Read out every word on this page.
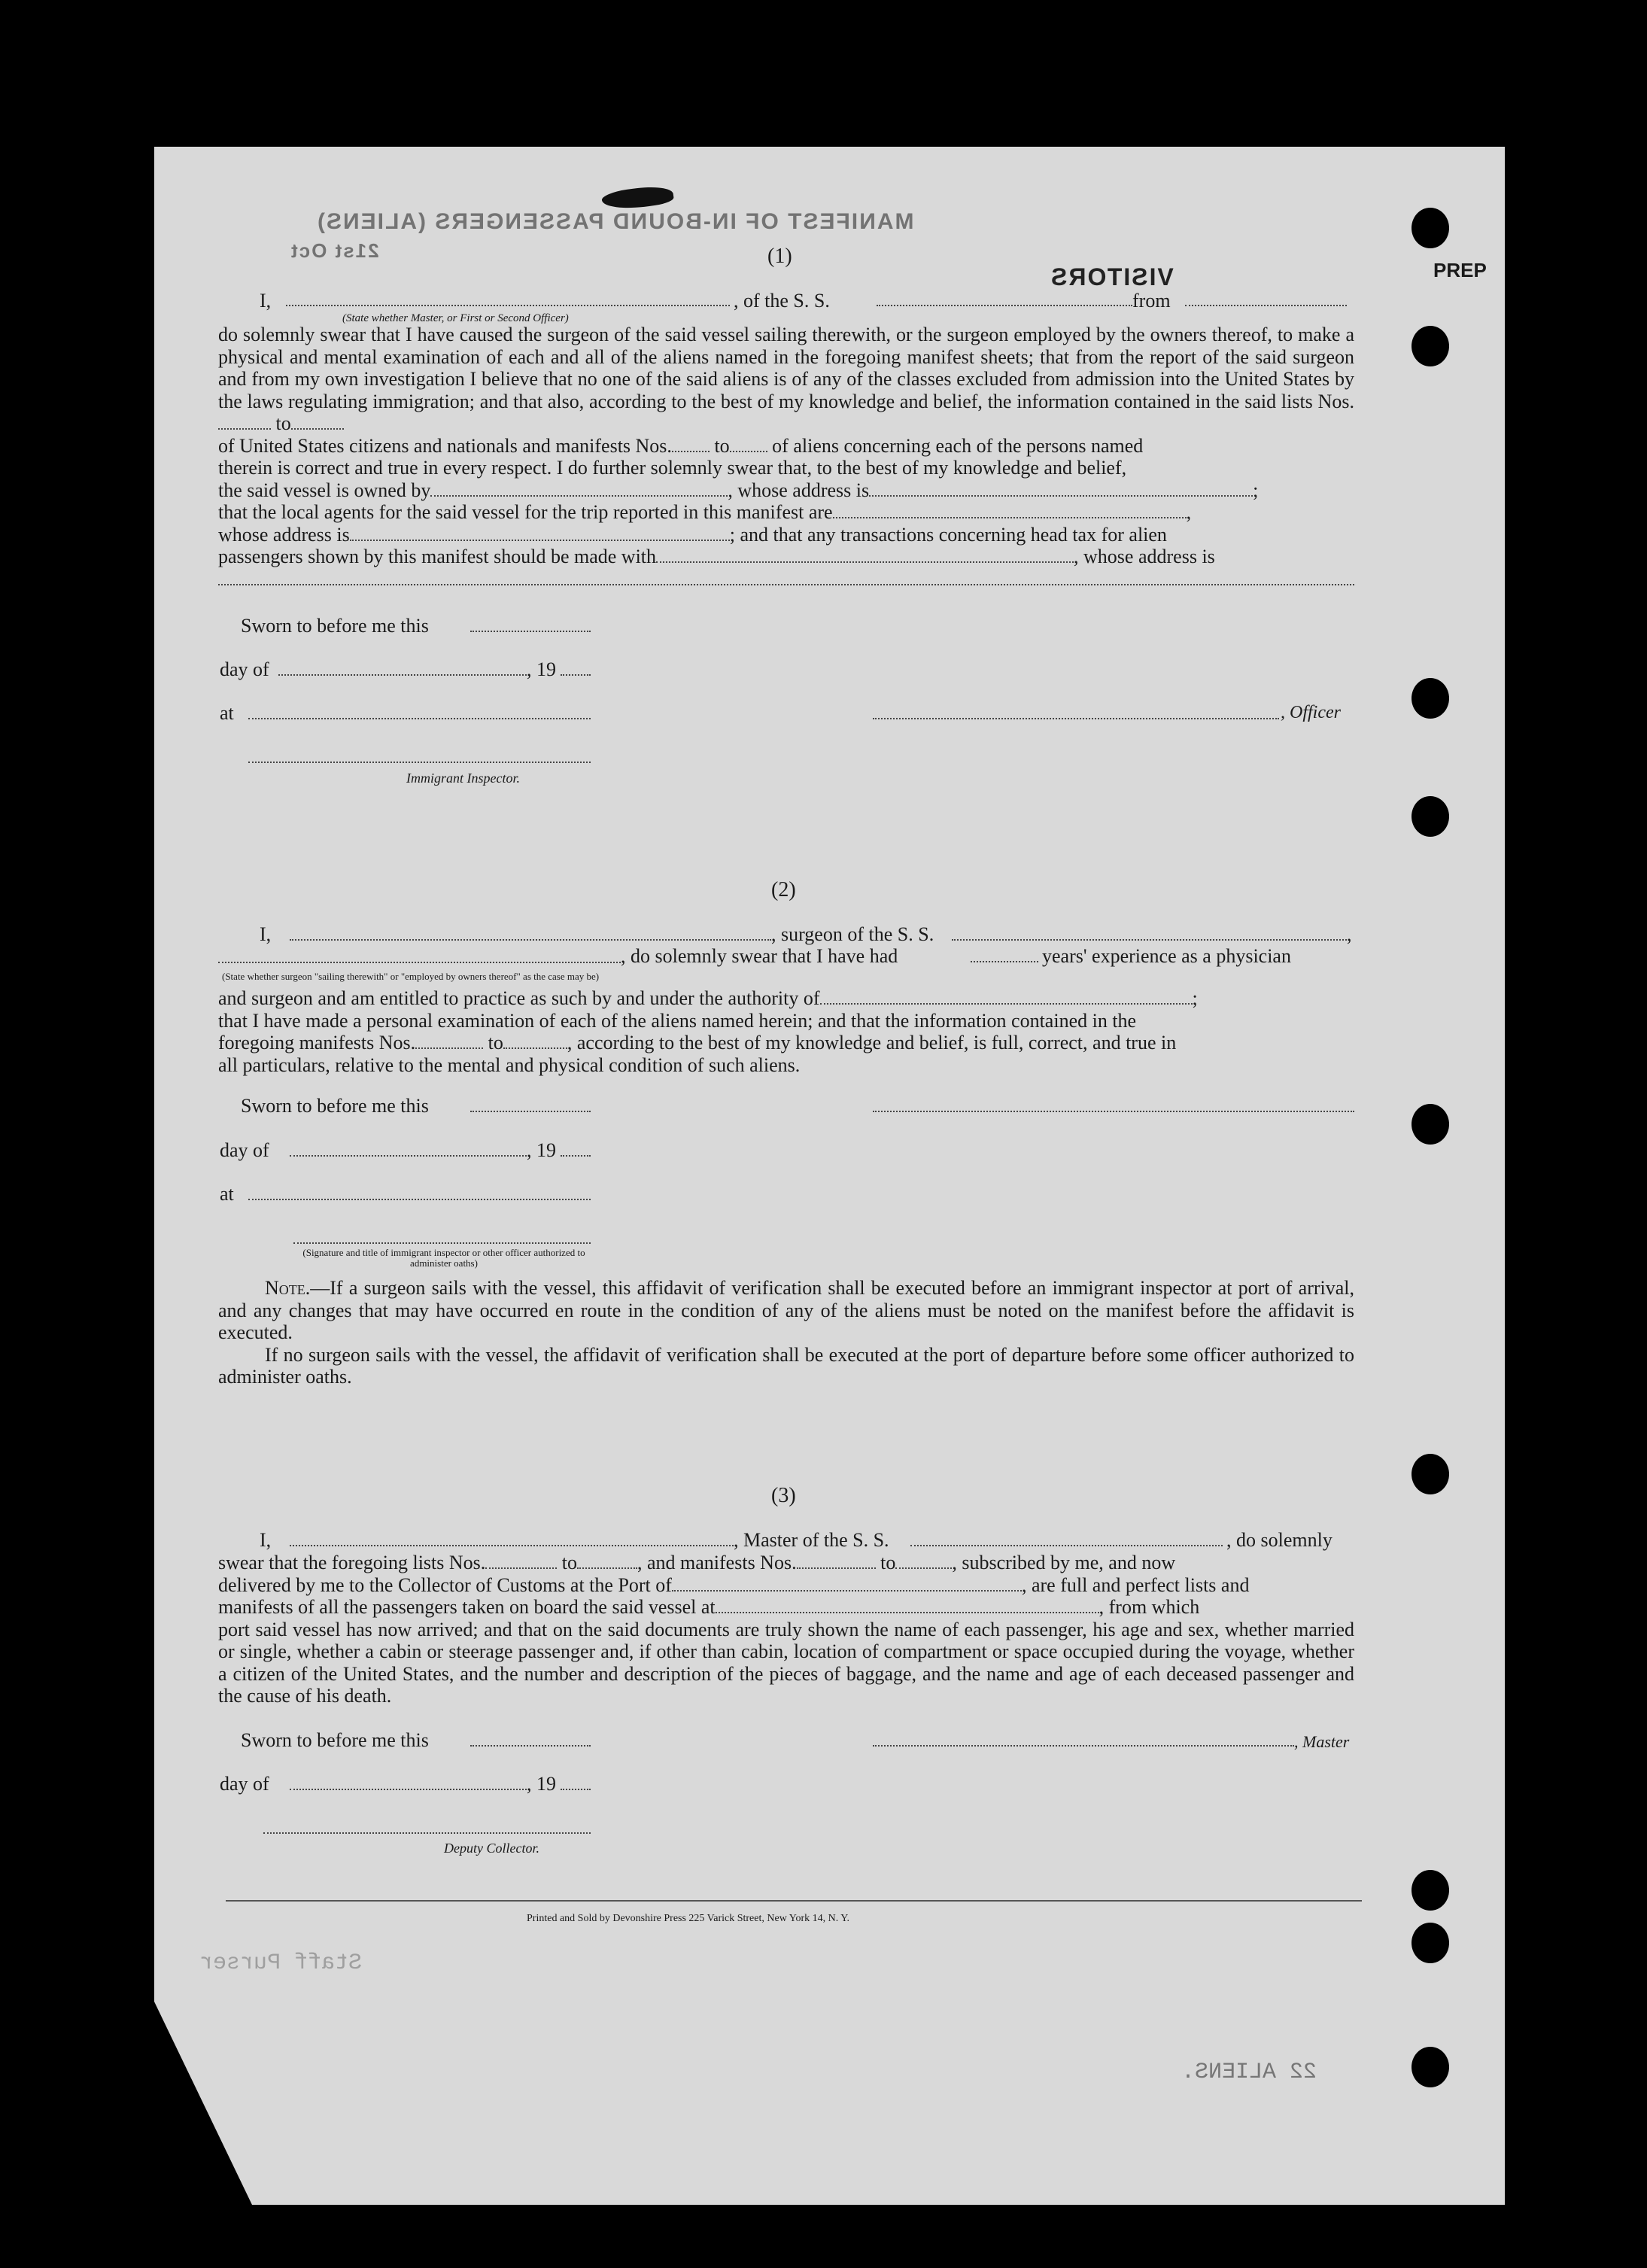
MANIFEST OF IN-BOUND PASSENGERS (ALIENS)
21st Oct	(1)
VISITORS	PREP
I,
(State whether Master, or First or Second Officer)
, of the S. S.	from
do solemnly swear that I have caused the surgeon of the said vessel sailing therewith, or the surgeon employed by the owners thereof, to make a physical and mental examination of each and all of the aliens named in the foregoing manifest sheets; that from the report of the said surgeon and from my own investigation I believe that no one of the said aliens is of any of the classes excluded from admission into the United States by the laws regulating immigration; and that also, according to the best of my knowledge and belief, the information contained in the said lists Nos. to
of United States citizens and nationals and manifests Nos. to of aliens concerning each of the persons named
therein is correct and true in every respect. I do further solemnly swear that, to the best of my knowledge and belief,
the said vessel is owned by	, whose address is	;
that the local agents for the said vessel for the trip reported in this manifest are	,
whose address is	; and that any transactions concerning head tax for alien
passengers shown by this manifest should be made with	, whose address is

Sworn to before me this
day of	, 19
at	, Officer
Immigrant Inspector.
(2)
I,	, surgeon of the S. S.	,
(State whether surgeon "sailing therewith" or "employed by owners thereof" as the case may be)
, do solemnly swear that I have had	years' experience as a physician
and surgeon and am entitled to practice as such by and under the authority of	;
that I have made a personal examination of each of the aliens named herein; and that the information contained in the
foregoing manifests Nos.	to	, according to the best of my knowledge and belief, is full, correct, and true in
all particulars, relative to the mental and physical condition of such aliens.
Sworn to before me this
day of	, 19
at
(Signature and title of immigrant inspector or other officer authorized to administer oaths)
Note.—If a surgeon sails with the vessel, this affidavit of verification shall be executed before an immigrant inspector at port of arrival, and any changes that may have occurred en route in the condition of any of the aliens must be noted on the manifest before the affidavit is executed.
If no surgeon sails with the vessel, the affidavit of verification shall be executed at the port of departure before some officer authorized to administer oaths.
(3)
I,	, Master of the S. S.	, do solemnly
swear that the foregoing lists Nos.	to	, and manifests Nos.	to	, subscribed by me, and now
delivered by me to the Collector of Customs at the Port of	, are full and perfect lists and
manifests of all the passengers taken on board the said vessel at	, from which
port said vessel has now arrived; and that on the said documents are truly shown the name of each passenger, his age and sex, whether married or single, whether a cabin or steerage passenger and, if other than cabin, location of compartment or space occupied during the voyage, whether a citizen of the United States, and the number and description of the pieces of baggage, and the name and age of each deceased passenger and the cause of his death.
Sworn to before me this	, Master
day of	, 19
Deputy Collector.
Printed and Sold by Devonshire Press 225 Varick Street, New York 14, N. Y.

Staff Purser
22 ALIENS.
